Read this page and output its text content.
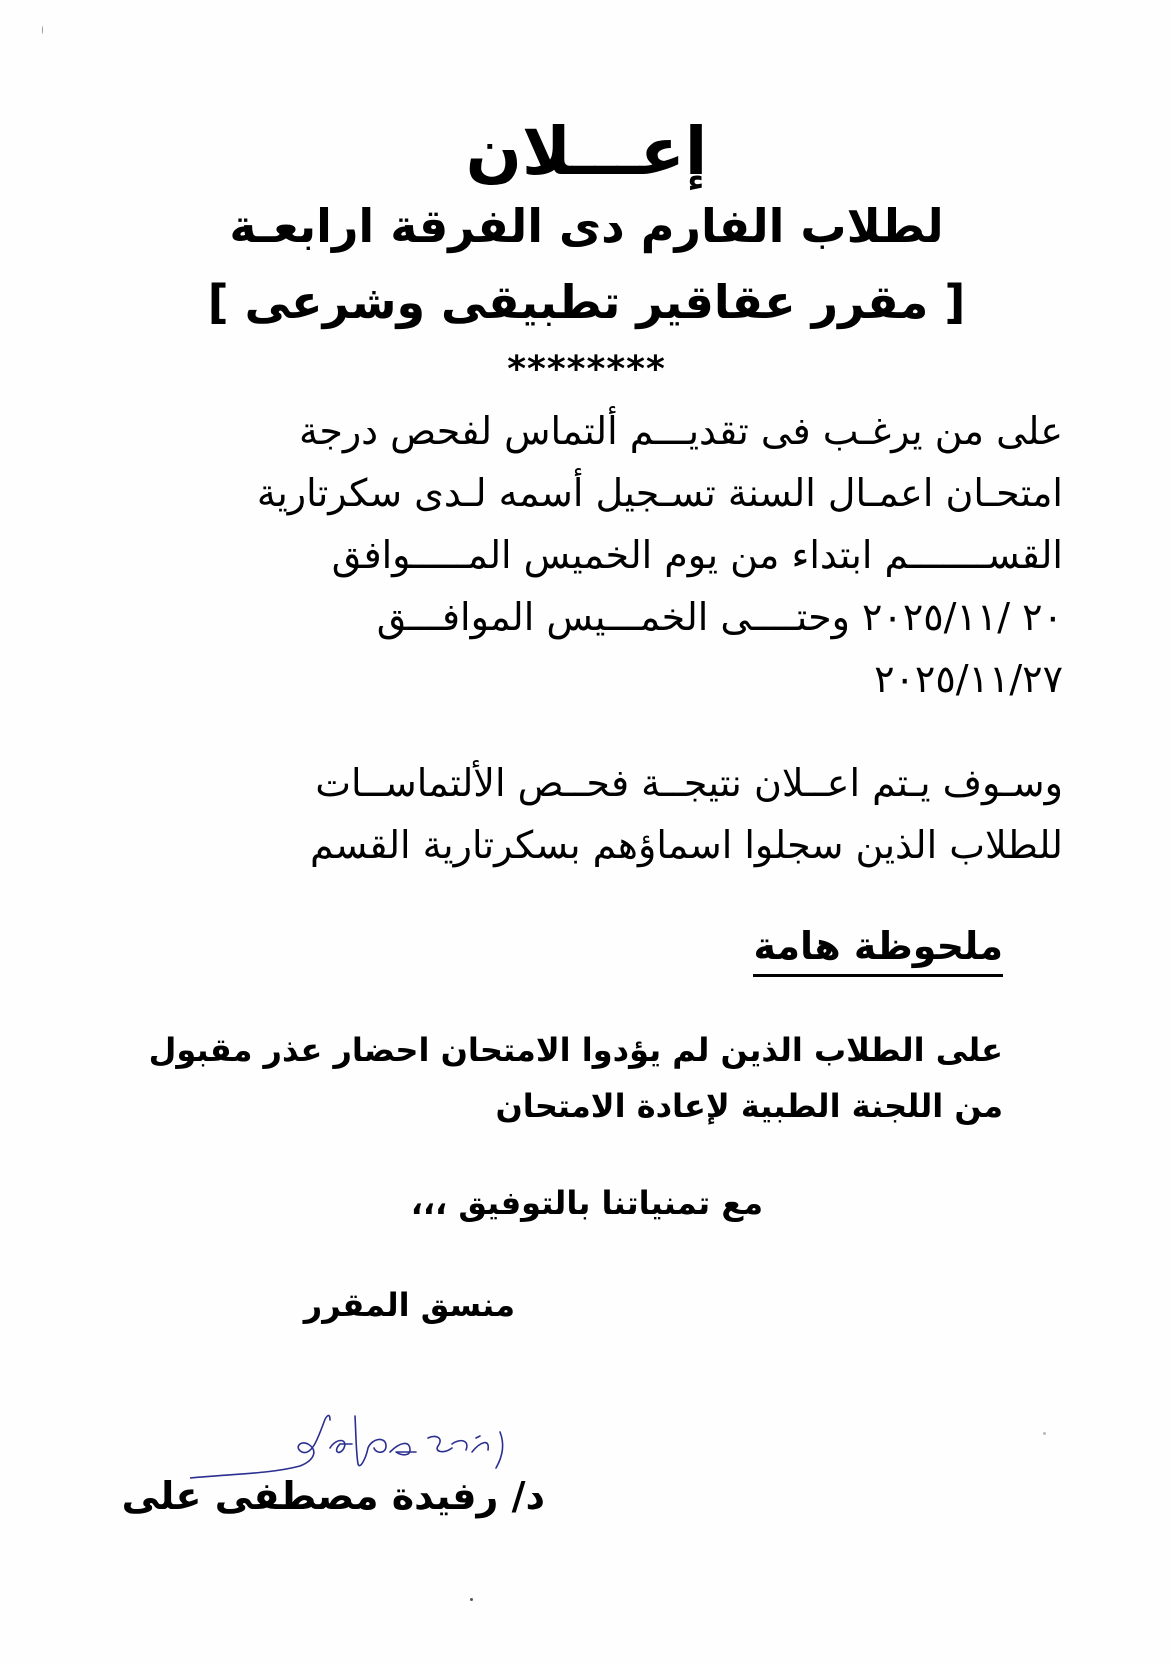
إعـــلان
لطلاب الفارم دى الفرقة ارابعـة
[ مقرر عقاقير تطبيقى وشرعى ]
********
على من يرغـب فى تقديـــم ألتماس لفحص درجة
امتحـان اعمـال السنة تسـجيل أسمه لـدى سكرتارية
القســـــــم ابتداء من يوم الخميس المـــــوافق
٢٠ /٢٠٢٥/١١ وحتــــى الخمـــيس الموافـــق
٢٠٢٥/١١/٢٧
وسـوف يـتم اعــلان نتيجــة فحــص الألتماســات
للطلاب الذين سجلوا اسماؤهم بسكرتارية القسم
ملحوظة هامة
على الطلاب الذين لم يؤدوا الامتحان احضار عذر مقبول
من اللجنة الطبية لإعادة الامتحان
مع تمنياتنا بالتوفيق ،،،
منسق المقرر
د/ رفيدة مصطفى على
